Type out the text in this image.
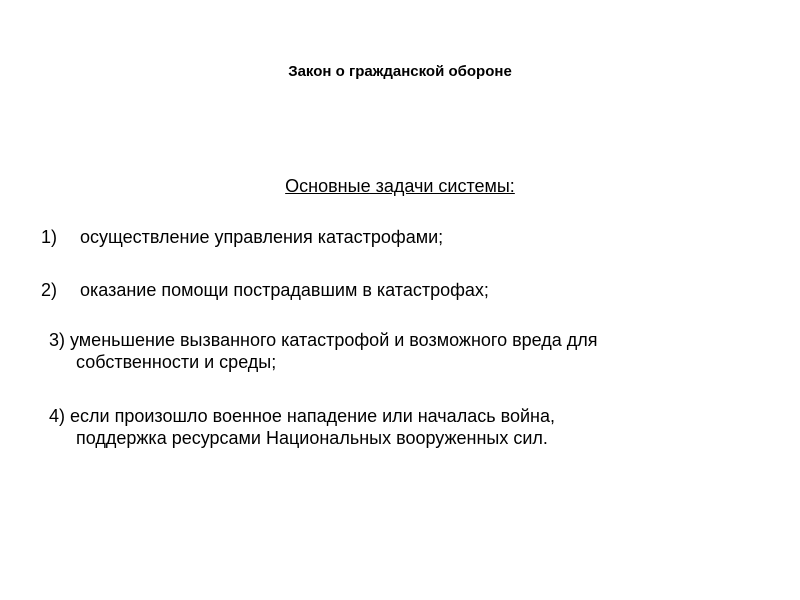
Закон о гражданской обороне
Основные задачи системы:
1) осуществление управления катастрофами;
2) оказание помощи пострадавшим в катастрофах;
3) уменьшение вызванного катастрофой и возможного вреда для
собственности и среды;
4) если произошло военное нападение или началась война,
поддержка ресурсами Национальных вооруженных сил.
